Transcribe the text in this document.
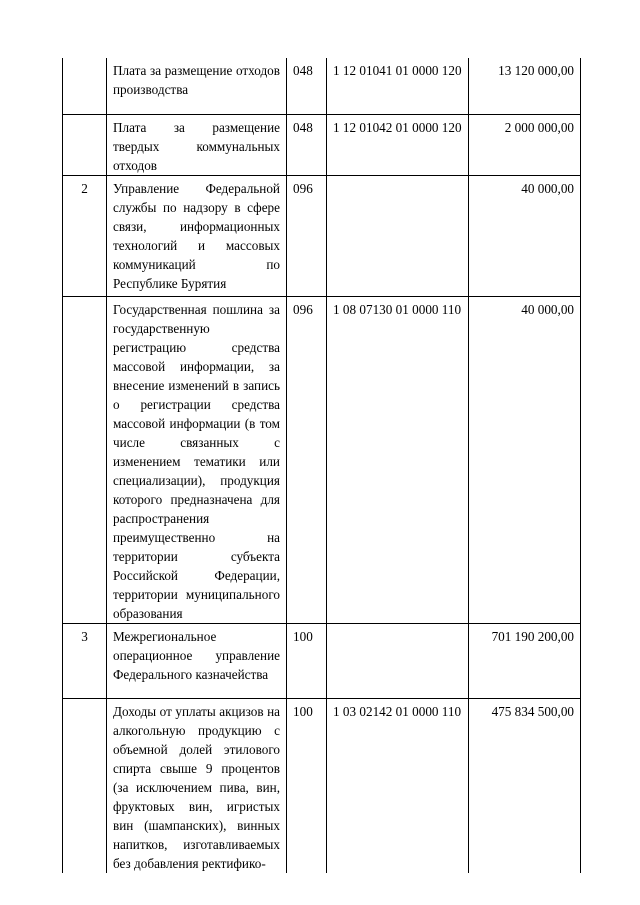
	Плата за размещение отходов производства	048	1 12 01041 01 0000 120	13 120 000,00
	Плата за размещение твердых коммунальных отходов	048	1 12 01042 01 0000 120	2 000 000,00
2	Управление Федеральной службы по надзору в сфере связи, информационных технологий и массовых коммуникаций по Республике Бурятия	096		40 000,00
	Государственная пошлина за государственную регистрацию средства массовой информации, за внесение изменений в запись о регистрации средства массовой информации (в том числе связанных с изменением тематики или специализации), продукция которого предназначена для распространения преимущественно на территории субъекта Российской Федерации, территории муниципального образования	096	1 08 07130 01 0000 110	40 000,00
3	Межрегиональное операционное управление Федерального казначейства	100		701 190 200,00
	Доходы от уплаты акцизов на алкогольную продукцию с объемной долей этилового спирта свыше 9 процентов (за исключением пива, вин, фруктовых вин, игристых вин (шампанских), винных напитков, изготавливаемых без добавления ректифико-	100	1 03 02142 01 0000 110	475 834 500,00
